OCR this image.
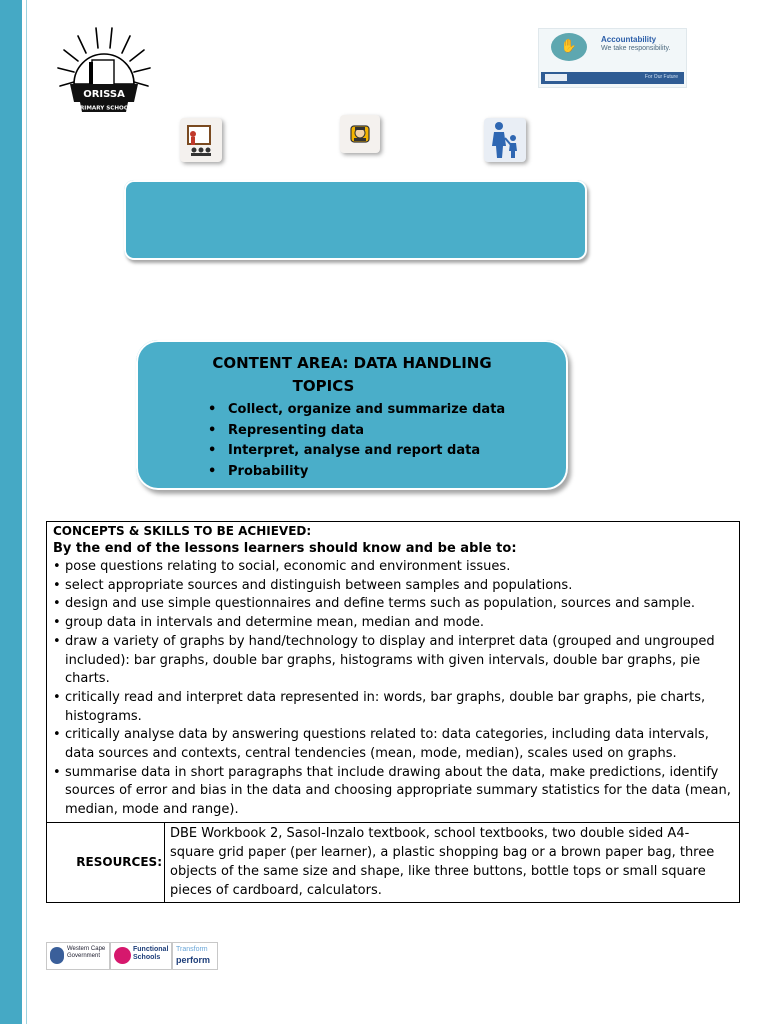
ORISSA
PRIMARY SCHOOL
✋	Accountability
We take responsibility.
For Our Future
CONTENT AREA: DATA HANDLING
TOPICS
• Collect, organize and summarize data
• Representing data
• Interpret, analyse and report data
• Probability
CONCEPTS & SKILLS TO BE ACHIEVED:
By the end of the lessons learners should know and be able to:
• pose questions relating to social, economic and environment issues.
• select appropriate sources and distinguish between samples and populations.
• design and use simple questionnaires and define terms such as population, sources and sample.
• group data in intervals and determine mean, median and mode.
• draw a variety of graphs by hand/technology to display and interpret data (grouped and ungrouped included): bar graphs, double bar graphs, histograms with given intervals, double bar graphs, pie charts.
• critically read and interpret data represented in: words, bar graphs, double bar graphs, pie charts, histograms.
• critically analyse data by answering questions related to: data categories, including data intervals, data sources and contexts, central tendencies (mean, mode, median), scales used on graphs.
• summarise data in short paragraphs that include drawing about the data, make predictions, identify sources of error and bias in the data and choosing appropriate summary statistics for the data (mean, median, mode and range).
RESOURCES:
DBE Workbook 2, Sasol-Inzalo textbook, school textbooks, two double sided A4-square grid paper (per learner), a plastic shopping bag or a brown paper bag, three objects of the same size and shape, like three buttons, bottle tops or small square pieces of cardboard, calculators.
Western Cape Government
Functional Schools
Transform
perform
